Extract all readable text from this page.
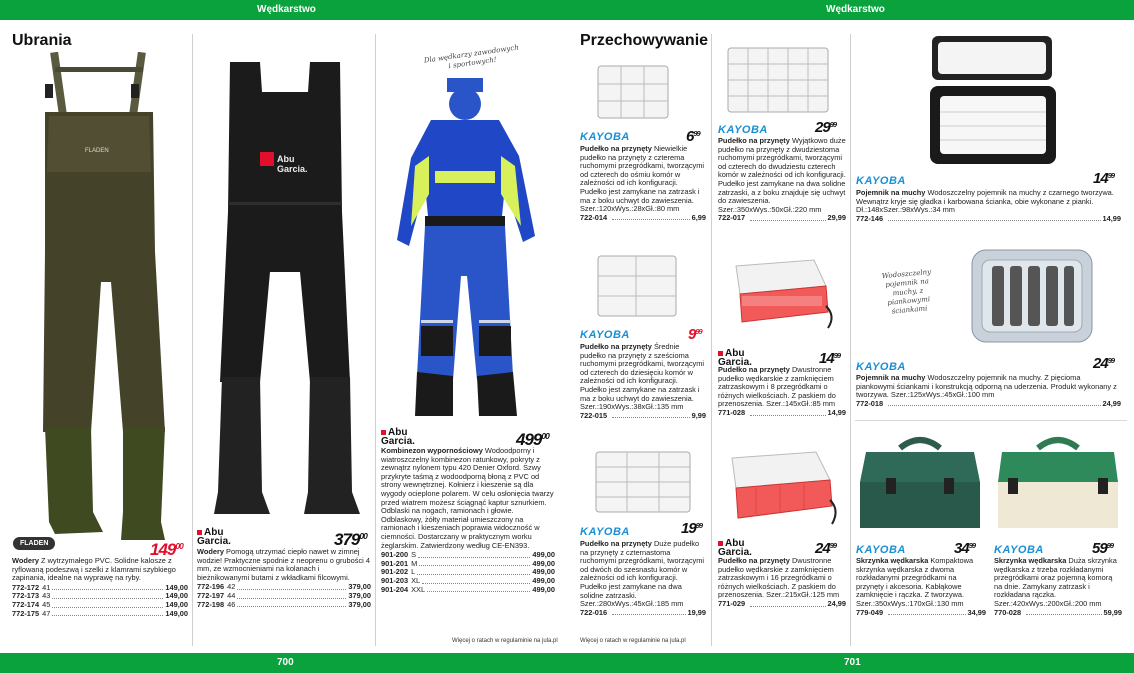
Wędkarstwo	Wędkarstwo
700	701
Ubrania	Przechowywanie
FLADEN
FLADEN	$149^{00}$
Wodery Z wytrzymałego PVC. Solidne kalosze z ryflowaną podeszwą i szelki z klamrami szybkiego zapinania, idealne na wyprawę na ryby.
772-172 41	149,00
772-173 43	149,00
772-174 45	149,00
772-175 47	149,00
Abu
Garcia.
Abu
Garcia.	$379^{00}$
Wodery Pomogą utrzymać ciepło nawet w zimnej wodzie! Praktyczne spodnie z neoprenu o grubości 4 mm, ze wzmocnieniami na kolanach i bieżnikowanymi butami z wkładkami filcowymi.
772-196 42	379,00
772-197 44	379,00
772-198 46	379,00
Dla wędkarzy zawodowych i sportowych!
Abu
Garcia.	$499^{00}$
Kombinezon wypornościowy Wodoodporny i wiatroszczelny kombinezon ratunkowy, pokryty z zewnątrz nylonem typu 420 Denier Oxford. Szwy przykryte taśmą z wodoodporną błoną z PVC od strony wewnętrznej. Kołnierz i kieszenie są dla wygody ocieplone polarem. W celu osłonięcia twarzy przed wiatrem możesz ściągnąć kaptur sznurkiem. Odblaski na nogach, ramionach i głowie. Odblaskowy, żółty materiał umieszczony na ramionach i kieszeniach poprawia widoczność w ciemności. Dostarczany w praktycznym worku żeglarskim. Zatwierdzony według CE-EN393.
901-200 S	499,00
901-201 M	499,00
901-202 L	499,00
901-203 XL	499,00
901-204 XXL	499,00
Więcej o ratach w regulaminie na jula.pl	Więcej o ratach w regulaminie na jula.pl
KAYOBA	$6^{99}$
Pudełko na przynęty Niewielkie pudełko na przynęty z czterema ruchomymi przegródkami, tworzącymi od czterech do ośmiu komór w zależności od ich konfiguracji. Pudełko jest zamykane na zatrzask i ma z boku uchwyt do zawieszenia. Szer.:120xWys.:28xGł.:80 mm
722-014	6,99
KAYOBA	$9^{99}$
Pudełko na przynęty Średnie pudełko na przynęty z sześcioma ruchomymi przegródkami, tworzącymi od czterech do dziesięciu komór w zależności od ich konfiguracji. Pudełko jest zamykane na zatrzask i ma z boku uchwyt do zawieszenia. Szer.:190xWys.:38xGł.:135 mm
722-015	9,99
KAYOBA	$19^{99}$
Pudełko na przynęty Duże pudełko na przynęty z czternastoma ruchomymi przegródkami, tworzącymi od dwóch do szesnastu komór w zależności od ich konfiguracji. Pudełko jest zamykane na dwa solidne zatrzaski. Szer.:280xWys.:45xGł.:185 mm
722-016	19,99
KAYOBA	$29^{99}$
Pudełko na przynęty Wyjątkowo duże pudełko na przynęty z dwudziestoma ruchomymi przegródkami, tworzącymi od czterech do dwudziestu czterech komór w zależności od ich konfiguracji. Pudełko jest zamykane na dwa solidne zatrzaski, a z boku znajduje się uchwyt do zawieszenia. Szer.:350xWys.:50xGł.:220 mm
722-017	29,99
Abu
Garcia.	$14^{99}$
Pudełko na przynęty Dwustronne pudełko wędkarskie z zamknięciem zatrzaskowym i 8 przegródkami o różnych wielkościach. Z paskiem do przenoszenia. Szer.:145xGł.:85 mm
771-028	14,99
Abu
Garcia.	$24^{99}$
Pudełko na przynęty Dwustronne pudełko wędkarskie z zamknięciem zatrzaskowym i 16 przegródkami o różnych wielkościach. Z paskiem do przenoszenia. Szer.:215xGł.:125 mm
771-029	24,99
$14^{99}$
KAYOBA
Pojemnik na muchy Wodoszczelny pojemnik na muchy z czarnego tworzywa. Wewnątrz kryje się gładka i karbowana ścianka, obie wykonane z pianki. Dł.:148xSzer.:98xWys.:34 mm
772-146	14,99
Wodoszczelny pojemnik na muchy, z piankowymi ściankami
KAYOBA	$24^{99}$
Pojemnik na muchy Wodoszczelny pojemnik na muchy. Z pięcioma piankowymi ściankami i konstrukcją odporną na uderzenia. Produkt wykonany z tworzywa. Szer.:125xWys.:45xGł.:100 mm
772-018	24,99
KAYOBA	$34^{99}$
Skrzynka wędkarska Kompaktowa skrzynka wędkarska z dwoma rozkładanymi przegródkami na przynęty i akcesoria. Kabłąkowe zamknięcie i rączka. Z tworzywa. Szer.:350xWys.:170xGł.:130 mm
779-049	34,99
KAYOBA	$59^{99}$
Skrzynka wędkarska Duża skrzynka wędkarska z trzeba rozkładanymi przegródkami oraz pojemną komorą na dnie. Zamykany zatrzask i rozkładana rączka. Szer.:420xWys.:200xGł.:200 mm
770-028	59,99
